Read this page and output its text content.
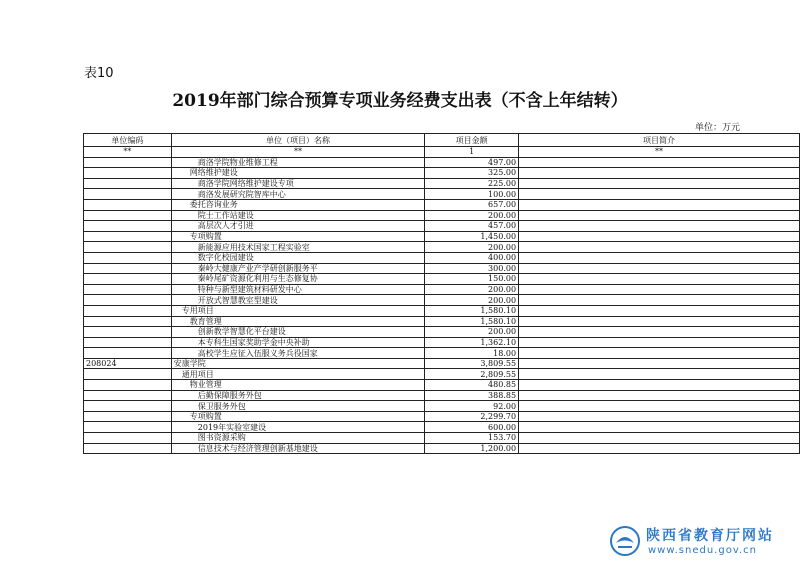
表10
2019年部门综合预算专项业务经费支出表（不含上年结转）
单位：万元
单位编码	单位（项目）名称	项目金额	项目简介
**	**	1	**
	商洛学院物业维修工程	497.00	
	网络维护建设	325.00	
	商洛学院网络维护建设专项	225.00	
	商洛发展研究院智库中心	100.00	
	委托咨询业务	657.00	
	院士工作站建设	200.00	
	高层次人才引进	457.00	
	专项购置	1,450.00	
	新能源应用技术国家工程实验室	200.00	
	数字化校园建设	400.00	
	秦岭大健康产业产学研创新服务平	300.00	
	秦岭尾矿资源化利用与生态修复协	150.00	
	特种与新型建筑材料研发中心	200.00	
	开放式智慧教室型建设	200.00	
	专用项目	1,580.10	
	教育管理	1,580.10	
	创新教学智慧化平台建设	200.00	
	本专科生国家奖助学金中央补助	1,362.10	
	高校学生应征入伍服义务兵役国家	18.00	
208024	安康学院	3,809.55	
	通用项目	2,809.55	
	物业管理	480.85	
	后勤保障服务外包	388.85	
	保卫服务外包	92.00	
	专项购置	2,299.70	
	2019年实验室建设	600.00	
	图书资源采购	153.70	
	信息技术与经济管理创新基地建设	1,200.00	
陕西省教育厅网站
www.snedu.gov.cn
